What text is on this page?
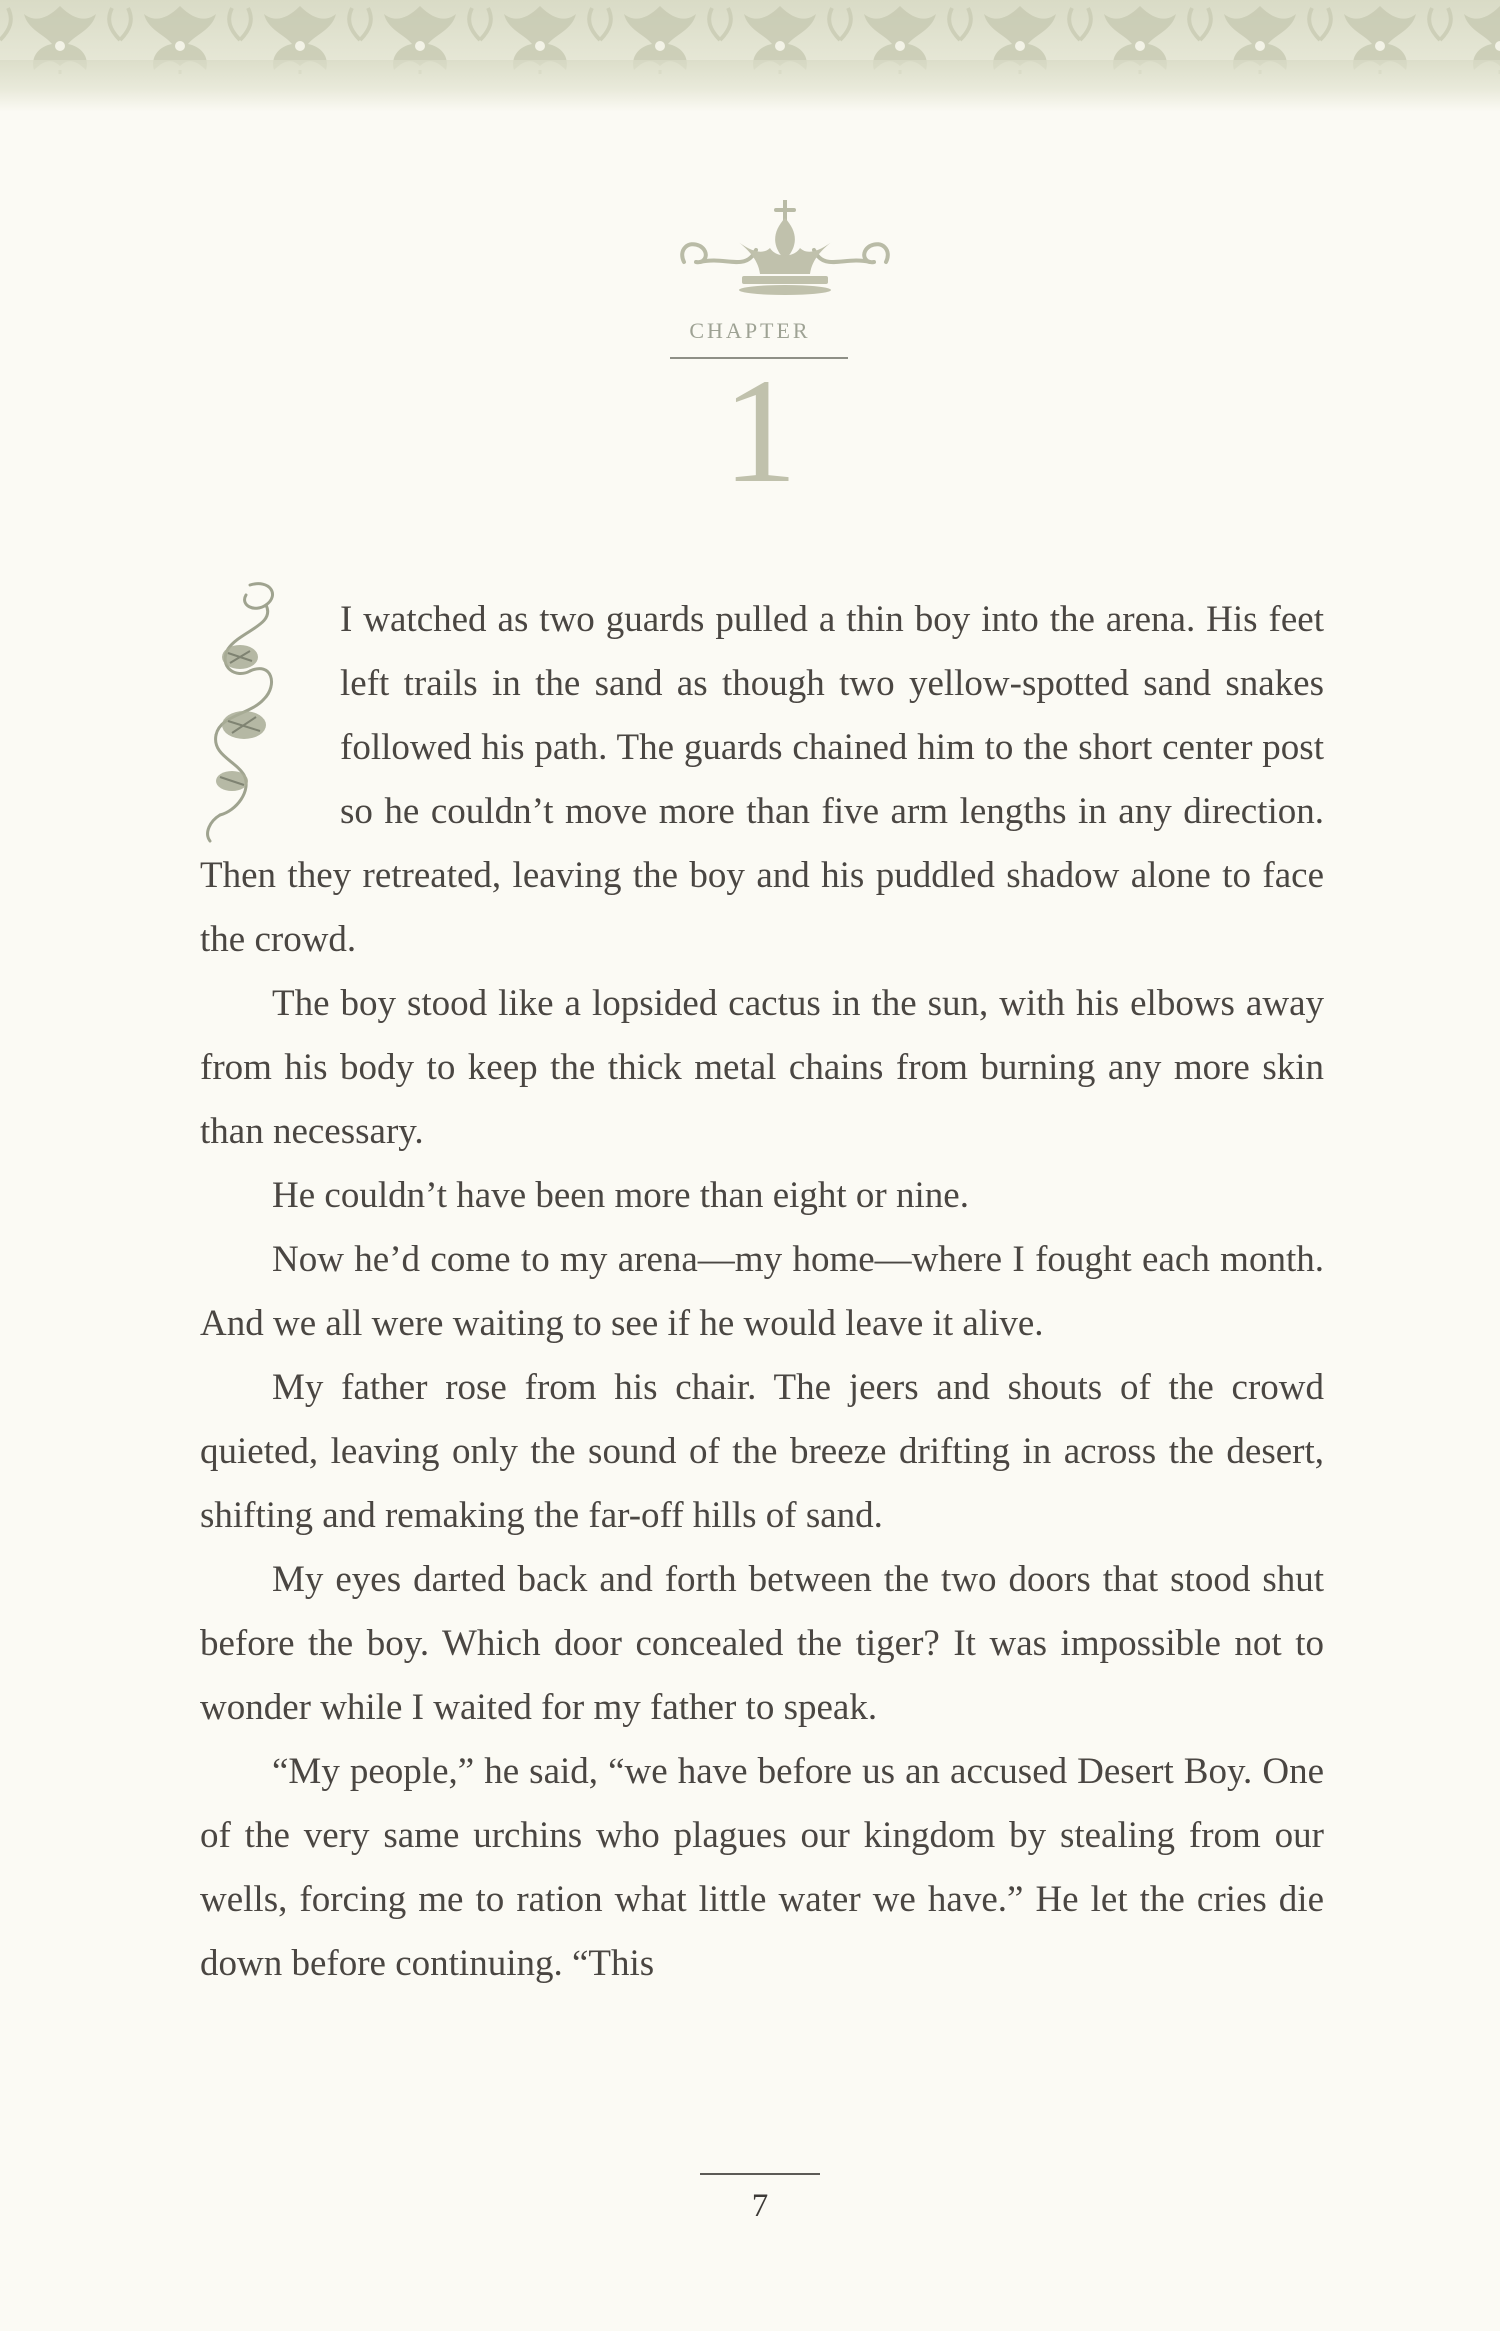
CHAPTER
1

I watched as two guards pulled a thin boy into the arena. His feet left trails in the sand as though two yellow-spotted sand snakes followed his path. The guards chained him to the short center post so he couldn’t move more than five arm lengths in any direction. Then they retreated, leaving the boy and his puddled shadow alone to face the crowd.

The boy stood like a lopsided cactus in the sun, with his elbows away from his body to keep the thick metal chains from burning any more skin than necessary.

He couldn’t have been more than eight or nine.

Now he’d come to my arena—my home—where I fought each month. And we all were waiting to see if he would leave it alive.

My father rose from his chair. The jeers and shouts of the crowd quieted, leaving only the sound of the breeze drifting in across the desert, shifting and remaking the far-off hills of sand.

My eyes darted back and forth between the two doors that stood shut before the boy. Which door concealed the tiger? It was impossible not to wonder while I waited for my father to speak.

“My people,” he said, “we have before us an accused Desert Boy. One of the very same urchins who plagues our kingdom by stealing from our wells, forcing me to ration what little water we have.” He let the cries die down before continuing. “This

7
